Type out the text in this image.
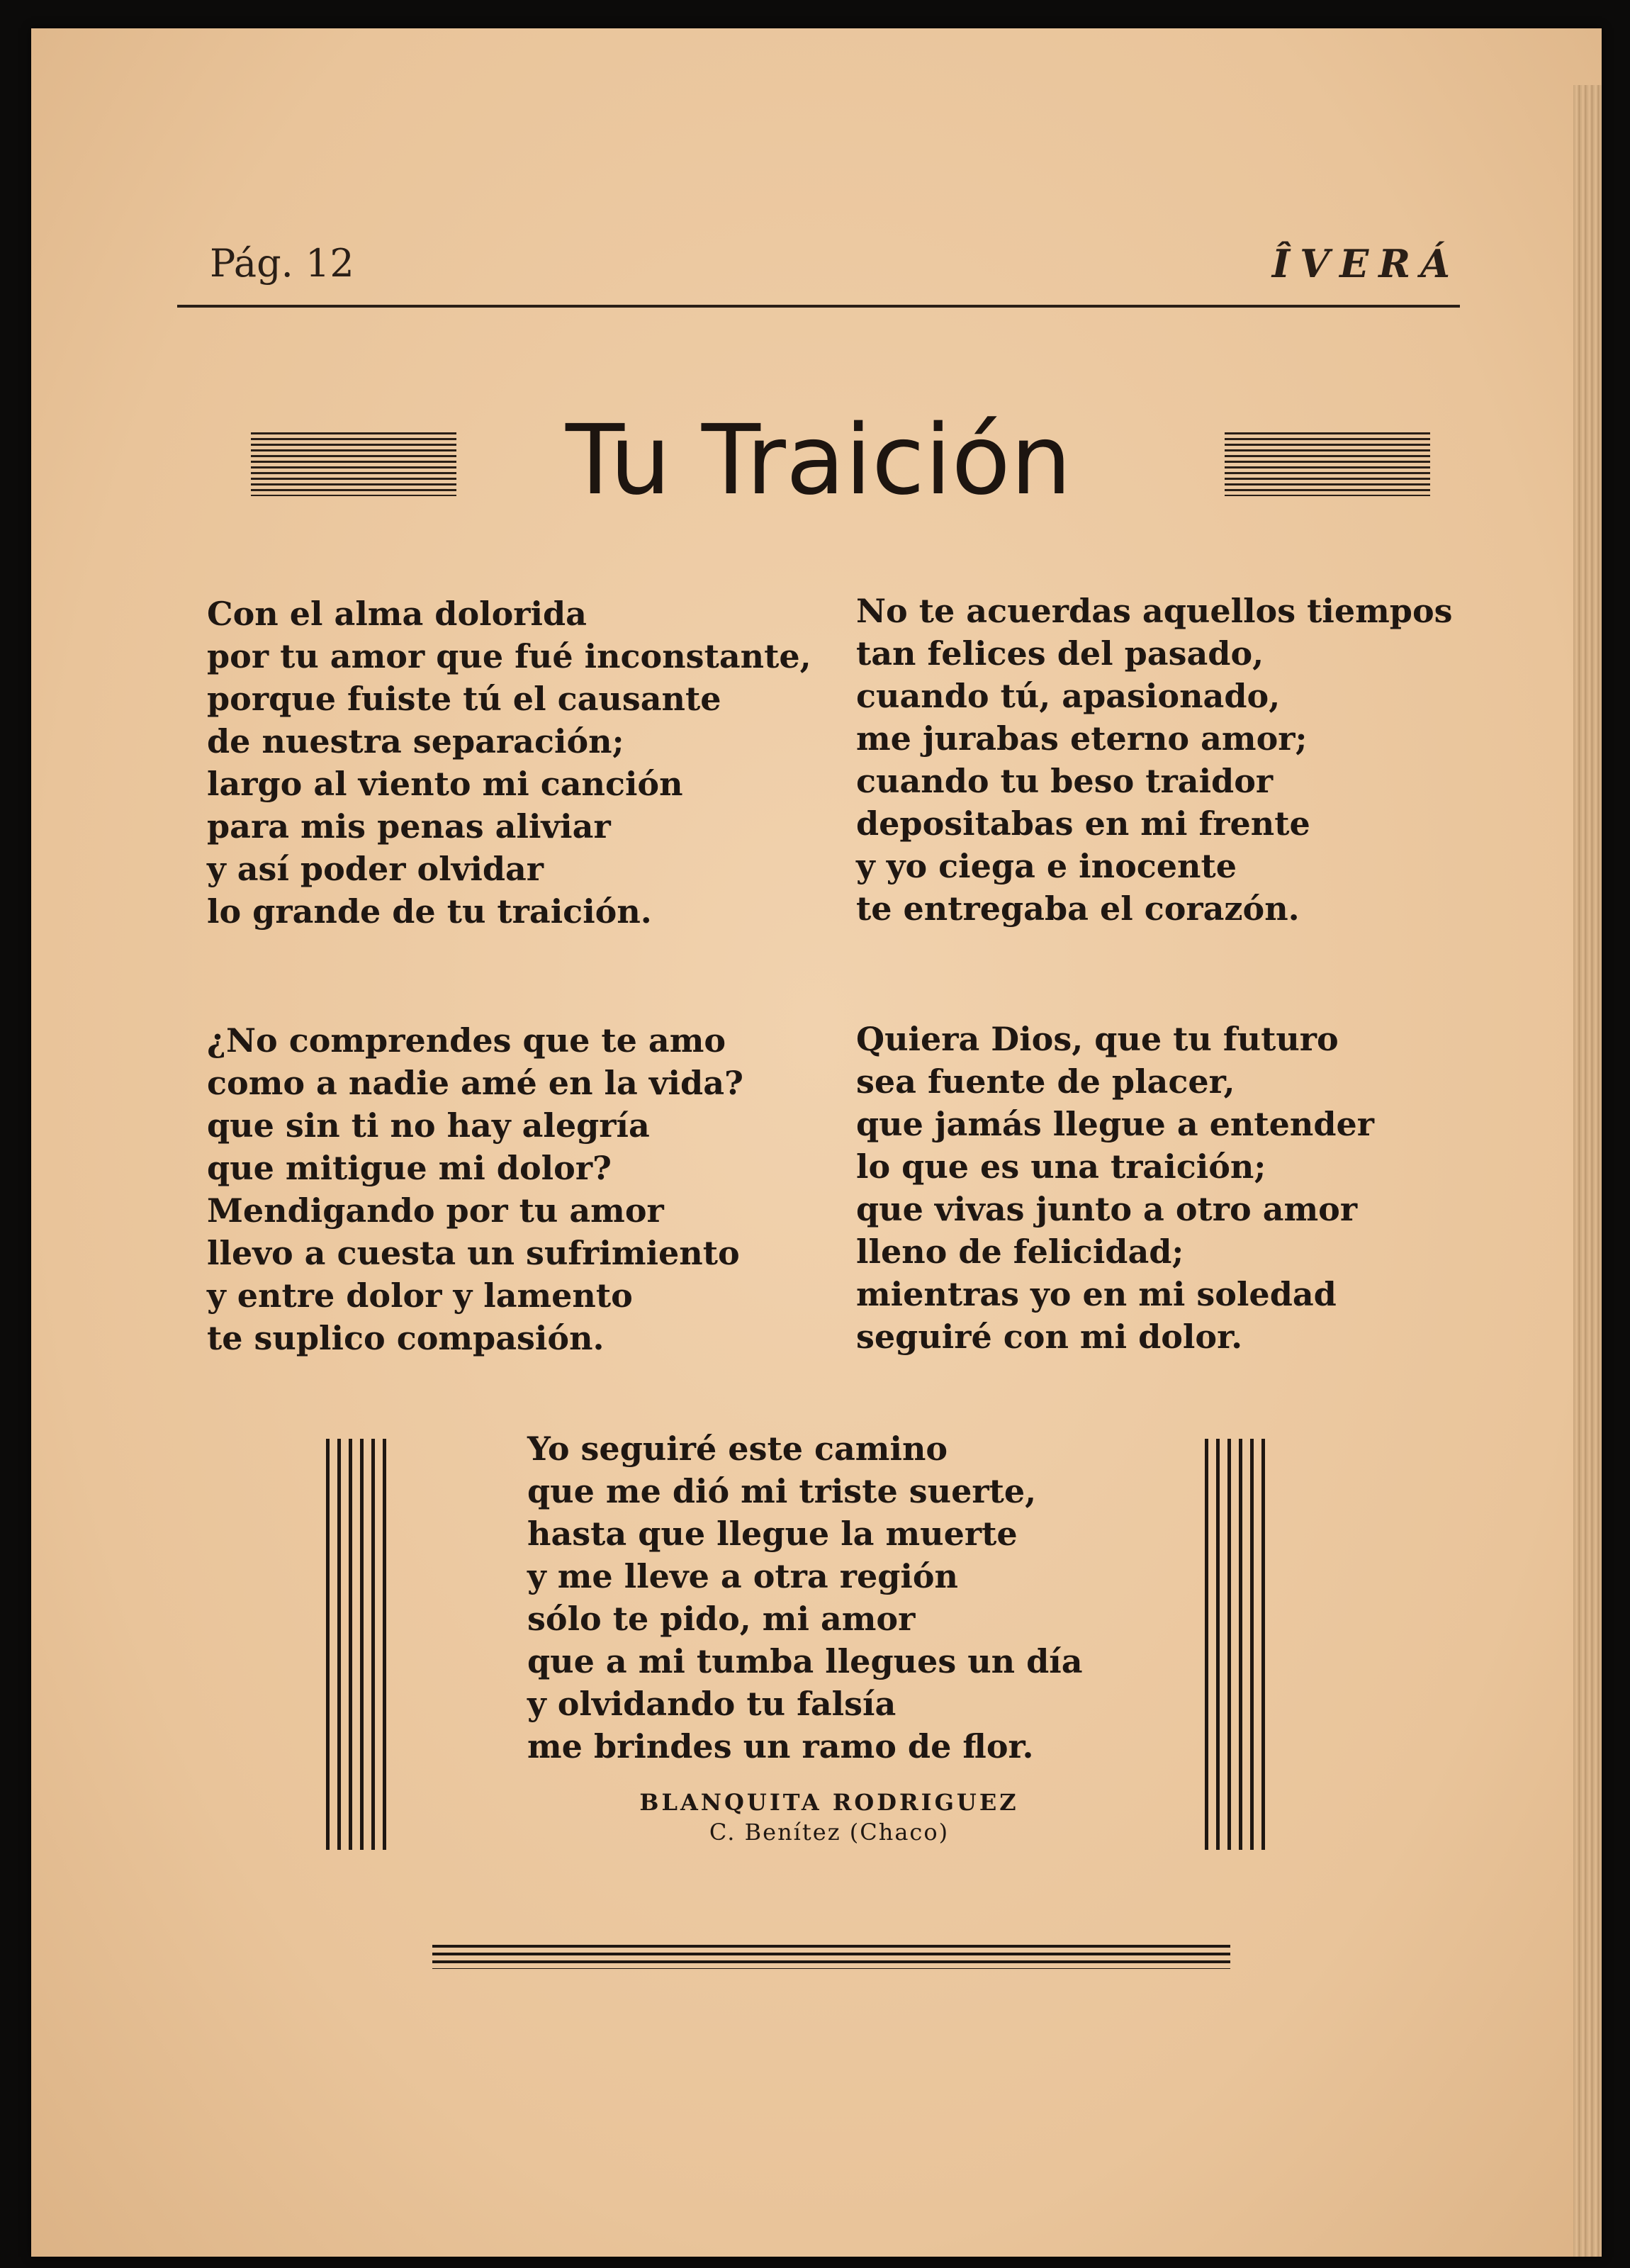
Pág. 12	ÎVERÁ
Tu Traición
Con el alma dolorida
por tu amor que fué inconstante,
porque fuiste tú el causante
de nuestra separación;
largo al viento mi canción
para mis penas aliviar
y así poder olvidar
lo grande de tu traición.
No te acuerdas aquellos tiempos
tan felices del pasado,
cuando tú, apasionado,
me jurabas eterno amor;
cuando tu beso traidor
depositabas en mi frente
y yo ciega e inocente
te entregaba el corazón.
¿No comprendes que te amo
como a nadie amé en la vida?
que sin ti no hay alegría
que mitigue mi dolor?
Mendigando por tu amor
llevo a cuesta un sufrimiento
y entre dolor y lamento
te suplico compasión.
Quiera Dios, que tu futuro
sea fuente de placer,
que jamás llegue a entender
lo que es una traición;
que vivas junto a otro amor
lleno de felicidad;
mientras yo en mi soledad
seguiré con mi dolor.
Yo seguiré este camino
que me dió mi triste suerte,
hasta que llegue la muerte
y me lleve a otra región
sólo te pido, mi amor
que a mi tumba llegues un día
y olvidando tu falsía
me brindes un ramo de flor.
BLANQUITA RODRIGUEZ
C. Benítez (Chaco)
